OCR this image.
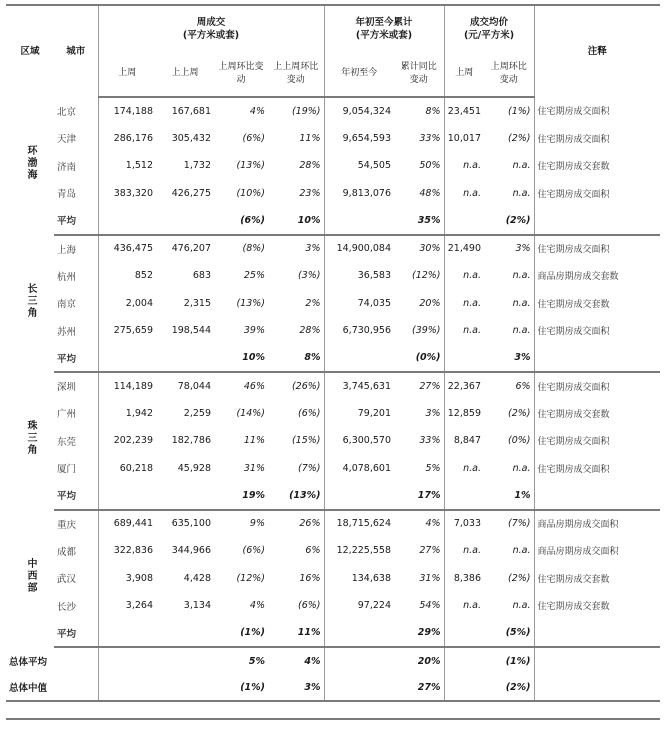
区域	城市	周成交
(平方米或套)				年初至今累计
(平方米或套)		成交均价
(元/平方米)		注释
		上周	上上周	上周环比变动	上上周环比变动	年初至今	累计同比变动	上周	上周环比变动	
环渤海	北京	174,188	167,681	4%	(19%)	9,054,324	8%	23,451	(1%)	住宅期房成交面积
	天津	286,176	305,432	(6%)	11%	9,654,593	33%	10,017	(2%)	住宅期房成交面积
	济南	1,512	1,732	(13%)	28%	54,505	50%	n.a.	n.a.	住宅期房成交套数
	青岛	383,320	426,275	(10%)	23%	9,813,076	48%	n.a.	n.a.	住宅期房成交面积
	平均			(6%)	10%		35%		(2%)	
长三角	上海	436,475	476,207	(8%)	3%	14,900,084	30%	21,490	3%	住宅期房成交面积
	杭州	852	683	25%	(3%)	36,583	(12%)	n.a.	n.a.	商品房期房成交套数
	南京	2,004	2,315	(13%)	2%	74,035	20%	n.a.	n.a.	住宅期房成交套数
	苏州	275,659	198,544	39%	28%	6,730,956	(39%)	n.a.	n.a.	住宅期房成交面积
	平均			10%	8%		(0%)		3%	
珠三角	深圳	114,189	78,044	46%	(26%)	3,745,631	27%	22,367	6%	住宅期房成交面积
	广州	1,942	2,259	(14%)	(6%)	79,201	3%	12,859	(2%)	住宅期房成交套数
	东莞	202,239	182,786	11%	(15%)	6,300,570	33%	8,847	(0%)	住宅期房成交面积
	厦门	60,218	45,928	31%	(7%)	4,078,601	5%	n.a.	n.a.	住宅期房成交面积
	平均			19%	(13%)		17%		1%	
中西部	重庆	689,441	635,100	9%	26%	18,715,624	4%	7,033	(7%)	商品房期房成交面积
	成都	322,836	344,966	(6%)	6%	12,225,558	27%	n.a.	n.a.	商品房期房成交面积
	武汉	3,908	4,428	(12%)	16%	134,638	31%	8,386	(2%)	住宅期房成交套数
	长沙	3,264	3,134	4%	(6%)	97,224	54%	n.a.	n.a.	住宅期房成交套数
	平均			(1%)	11%		29%		(5%)	
总体平均				5%	4%		20%		(1%)	
总体中值				(1%)	3%		27%		(2%)	
